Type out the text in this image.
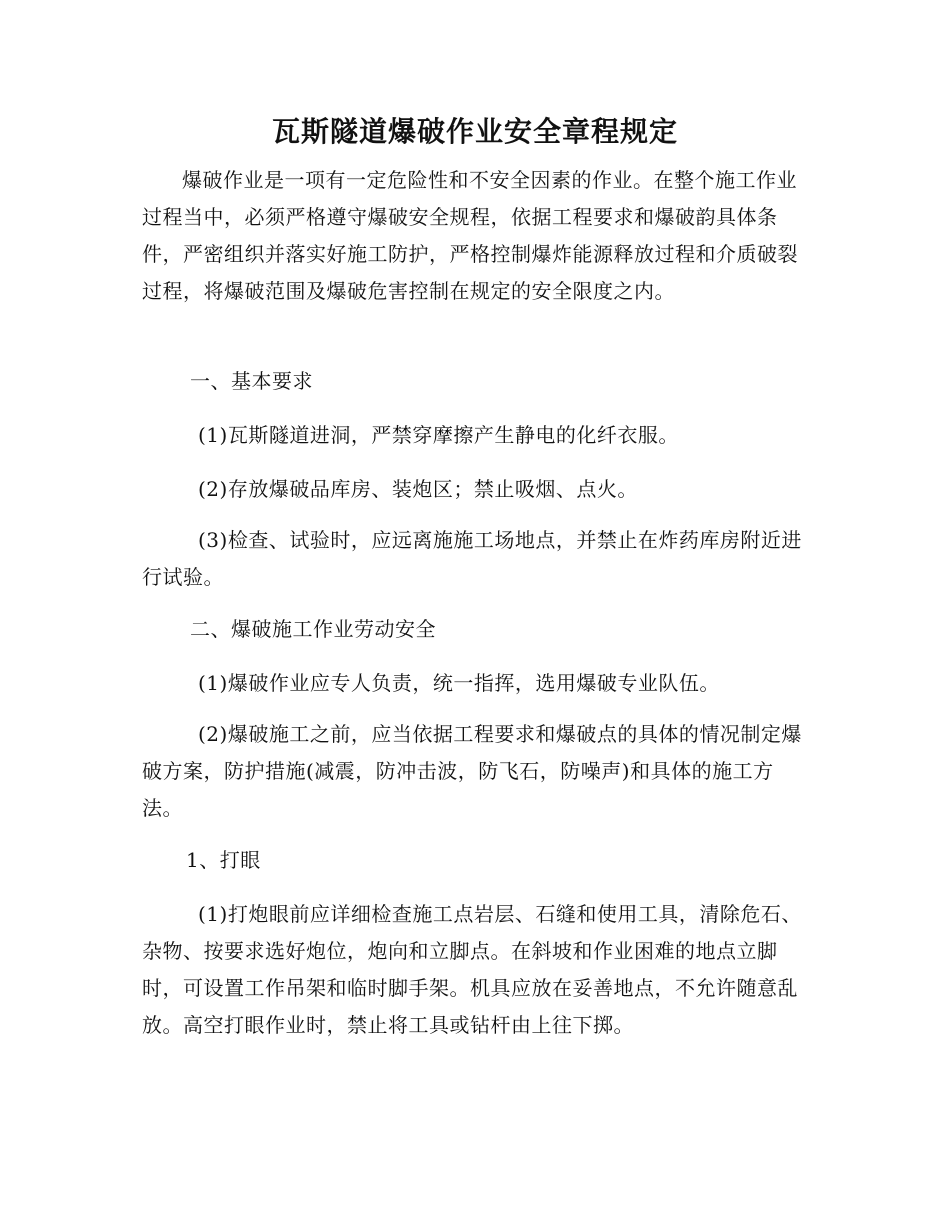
瓦斯隧道爆破作业安全章程规定
爆破作业是一项有一定危险性和不安全因素的作业。在整个施工作业过程当中，必须严格遵守爆破安全规程，依据工程要求和爆破韵具体条件，严密组织并落实好施工防护，严格控制爆炸能源释放过程和介质破裂过程，将爆破范围及爆破危害控制在规定的安全限度之内。
一、基本要求
(1)瓦斯隧道进洞，严禁穿摩擦产生静电的化纤衣服。
(2)存放爆破品库房、装炮区；禁止吸烟、点火。
(3)检查、试验时，应远离施施工场地点，并禁止在炸药库房附近进行试验。
二、爆破施工作业劳动安全
(1)爆破作业应专人负责，统一指挥，选用爆破专业队伍。
(2)爆破施工之前，应当依据工程要求和爆破点的具体的情况制定爆破方案，防护措施(减震，防冲击波，防飞石，防噪声)和具体的施工方法。
1、打眼
(1)打炮眼前应详细检查施工点岩层、石缝和使用工具，清除危石、杂物、按要求选好炮位，炮向和立脚点。在斜坡和作业困难的地点立脚时，可设置工作吊架和临时脚手架。机具应放在妥善地点，不允许随意乱放。高空打眼作业时，禁止将工具或钻杆由上往下掷。
